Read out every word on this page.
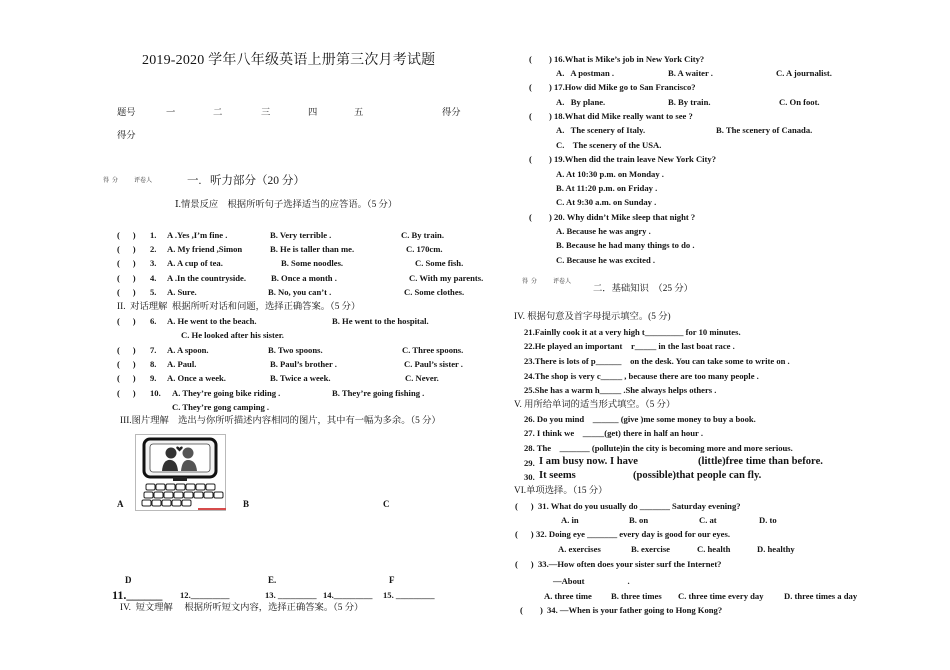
2019-2020 学年八年级英语上册第三次月考试题
题号	一	二	三	四	五	得分
得分
得  分	评卷人	一.   听力部分（20 分）
Ⅰ.情景反应    根据所听句子选择适当的应答语。（5 分）
(      ) 1. A .Yes ,I’m fine .	B. Very terrible .	C. By train.
(      ) 2. A. My friend ,Simon	B. He is taller than me.	C. 170cm.
(      ) 3. A. A cup of tea.	B. Some noodles.	C. Some fish.
(      ) 4. A .In the countryside.	B. Once a month .	C. With my parents.
(      ) 5. A. Sure.	B. No, you can’t .	C. Some clothes.
II.  对话理解  根据所听对话和问题，选择正确答案。（5 分）
(      ) 6. A. He went to the beach.	B. He went to the hospital.
C. He looked after his sister.
(      ) 7. A. A spoon.	B. Two spoons.	C. Three spoons.
(      ) 8. A. Paul.	B. Paul’s brother .	C. Paul’s sister .
(      ) 9. A. Once a week.	B. Twice a week.	C. Never.
(      ) 10. A. They’re going bike riding .	B. They’re going fishing .
C. They’re gong camping .
III.图片理解    选出与你所听描述内容相同的图片，其中有一幅为多余。（5 分）
A	B	C
D	E.	F
11.______ 12._________	13. _________ 14._________ 15. _________
IV.  短文理解     根据所听短文内容，选择正确答案。（5 分）
(        ) 16.What is Mike’s job in New York City?
A.   A postman .	B. A waiter .	C. A journalist.
(        ) 17.How did Mike go to San Francisco?
A.   By plane.	B. By train.	C. On foot.
(        ) 18.What did Mike really want to see ?
A.   The scenery of Italy.	B. The scenery of Canada.
C.    The scenery of the USA.
(        ) 19.When did the train leave New York City?
A. At 10:30 p.m. on Monday .
B. At 11:20 p.m. on Friday .
C. At 9:30 a.m. on Sunday .
(        ) 20. Why didn’t Mike sleep that night ?
A. Because he was angry .
B. Because he had many things to do .
C. Because he was excited .
得  分	评卷人
二．基础知识  （25 分）
IV. 根据句意及首字母提示填空。(5 分)
21.Fainlly cook it at a very high t_________ for 10 minutes.
22.He played an important    r_____ in the last boat race .
23.There is lots of p______    on the desk. You can take some to write on .
24.The shop is very c_____ , because there are too many people .
25.She has a warm h_____ .She always helps others .
V. 用所给单词的适当形式填空。（5 分）
26. Do you mind    ______ (give )me some money to buy a book.
27. I think we    _____(get) there in half an hour .
28. The    _______ (pollute)in the city is becoming more and more serious.
29. I am busy now. I have	(little)free time than before.
30. It seems	(possible)that people can fly.
VI.单项选择。（15 分）
(      ) 31. What do you usually do _______ Saturday evening?
A. in	B. on	C. at	D. to
(      ) 32. Doing eye _______ every day is good for our eyes.
A. exercises	B. exercise	C. health	D. healthy
(      ) 33.—How often does your sister surf the Internet?
—About                    .
A. three time B. three times C. three time every day D. three times a day
(        ) 34. —When is your father going to Hong Kong?
